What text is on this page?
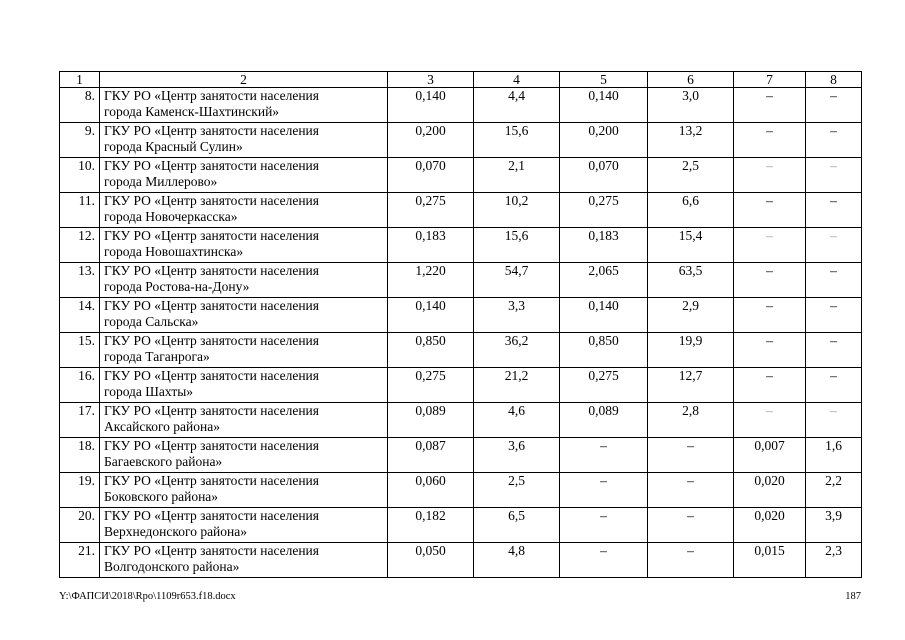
1	2	3	4	5	6	7	8
8.	ГКУ РО «Центр занятости населения
города Каменск-Шахтинский»	0,140	4,4	0,140	3,0	–	–
9.	ГКУ РО «Центр занятости населения
города Красный Сулин»	0,200	15,6	0,200	13,2	–	–
10.	ГКУ РО «Центр занятости населения
города Миллерово»	0,070	2,1	0,070	2,5	–	–
11.	ГКУ РО «Центр занятости населения
города Новочеркасска»	0,275	10,2	0,275	6,6	–	–
12.	ГКУ РО «Центр занятости населения
города Новошахтинска»	0,183	15,6	0,183	15,4	–	–
13.	ГКУ РО «Центр занятости населения
города Ростова-на-Дону»	1,220	54,7	2,065	63,5	–	–
14.	ГКУ РО «Центр занятости населения
города Сальска»	0,140	3,3	0,140	2,9	–	–
15.	ГКУ РО «Центр занятости населения
города Таганрога»	0,850	36,2	0,850	19,9	–	–
16.	ГКУ РО «Центр занятости населения
города Шахты»	0,275	21,2	0,275	12,7	–	–
17.	ГКУ РО «Центр занятости населения
Аксайского района»	0,089	4,6	0,089	2,8	–	–
18.	ГКУ РО «Центр занятости населения
Багаевского района»	0,087	3,6	–	–	0,007	1,6
19.	ГКУ РО «Центр занятости населения
Боковского района»	0,060	2,5	–	–	0,020	2,2
20.	ГКУ РО «Центр занятости населения
Верхнедонского района»	0,182	6,5	–	–	0,020	3,9
21.	ГКУ РО «Центр занятости населения
Волгодонского района»	0,050	4,8	–	–	0,015	2,3
Y:\ФАПСИ\2018\Rpo\1109r653.f18.docx	187
